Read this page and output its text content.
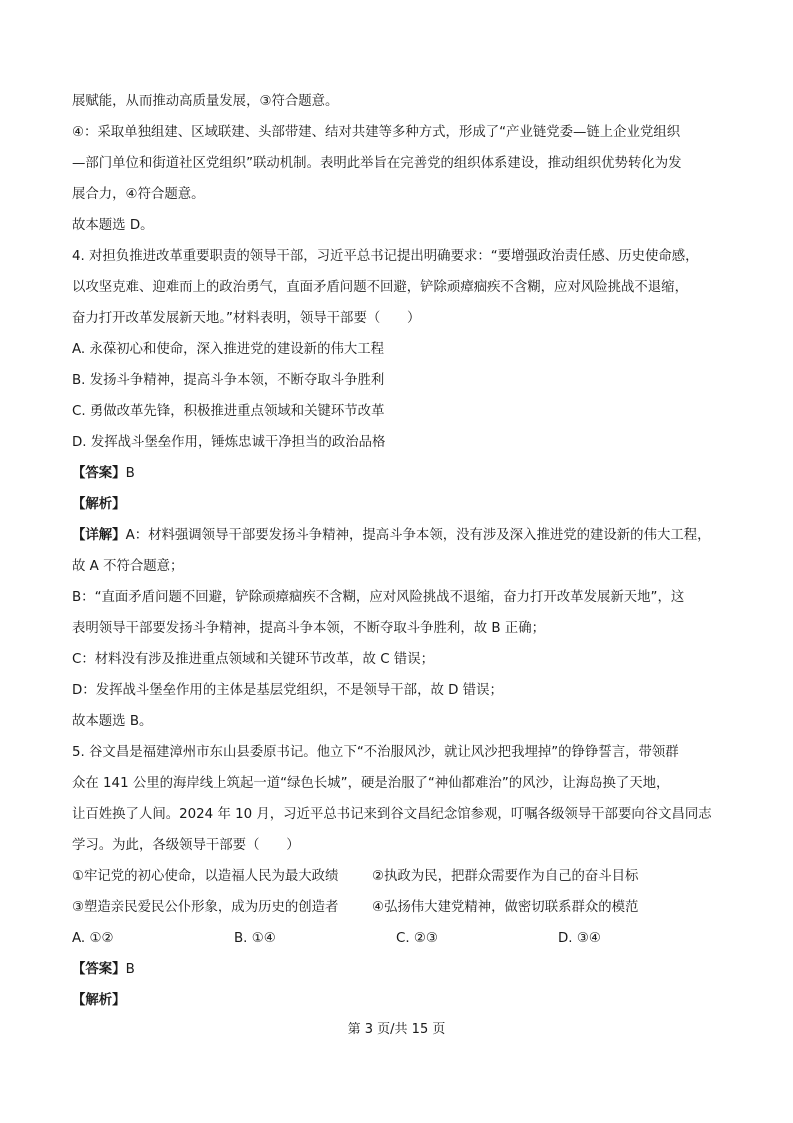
展赋能，从而推动高质量发展，③符合题意。
④：采取单独组建、区域联建、头部带建、结对共建等多种方式，形成了“产业链党委—链上企业党组织
—部门单位和街道社区党组织”联动机制。表明此举旨在完善党的组织体系建设，推动组织优势转化为发
展合力，④符合题意。
故本题选 D。
4. 对担负推进改革重要职责的领导干部，习近平总书记提出明确要求：“要增强政治责任感、历史使命感，
以攻坚克难、迎难而上的政治勇气，直面矛盾问题不回避，铲除顽瘴痼疾不含糊，应对风险挑战不退缩，
奋力打开改革发展新天地。”材料表明，领导干部要（　　）
A. 永葆初心和使命，深入推进党的建设新的伟大工程
B. 发扬斗争精神，提高斗争本领，不断夺取斗争胜利
C. 勇做改革先锋，积极推进重点领域和关键环节改革
D. 发挥战斗堡垒作用，锤炼忠诚干净担当的政治品格
【答案】B
【解析】
【详解】A：材料强调领导干部要发扬斗争精神，提高斗争本领，没有涉及深入推进党的建设新的伟大工程，
故 A 不符合题意；
B：“直面矛盾问题不回避，铲除顽瘴痼疾不含糊，应对风险挑战不退缩，奋力打开改革发展新天地”，这
表明领导干部要发扬斗争精神，提高斗争本领，不断夺取斗争胜利，故 B 正确；
C：材料没有涉及推进重点领域和关键环节改革，故 C 错误；
D：发挥战斗堡垒作用的主体是基层党组织，不是领导干部，故 D 错误；
故本题选 B。
5. 谷文昌是福建漳州市东山县委原书记。他立下“不治服风沙，就让风沙把我埋掉”的铮铮誓言，带领群
众在 141 公里的海岸线上筑起一道“绿色长城”，硬是治服了“神仙都难治”的风沙，让海岛换了天地，
让百姓换了人间。2024 年 10 月，习近平总书记来到谷文昌纪念馆参观，叮嘱各级领导干部要向谷文昌同志
学习。为此，各级领导干部要（　　）
①牢记党的初心使命，以造福人民为最大政绩	②执政为民，把群众需要作为自己的奋斗目标
③塑造亲民爱民公仆形象，成为历史的创造者	④弘扬伟大建党精神，做密切联系群众的模范
A. ①②	B. ①④	C. ②③	D. ③④
【答案】B
【解析】
第 3 页/共 15 页
